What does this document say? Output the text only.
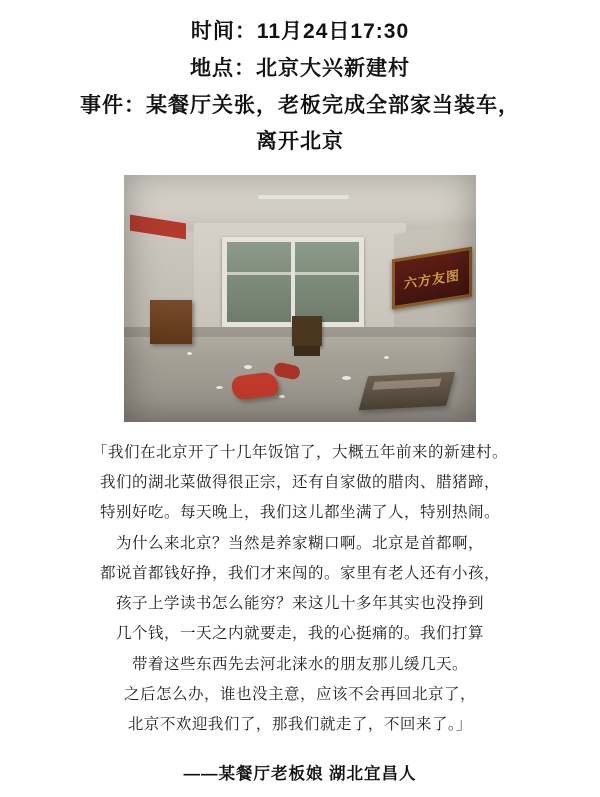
时间：11月24日17:30
地点：北京大兴新建村
事件：某餐厅关张，老板完成全部家当装车，
离开北京
六方友图

「我们在北京开了十几年饭馆了，大概五年前来的新建村。

我们的湖北菜做得很正宗，还有自家做的腊肉、腊猪蹄，

特别好吃。每天晚上，我们这儿都坐满了人，特别热闹。

为什么来北京？当然是养家糊口啊。北京是首都啊，

都说首都钱好挣，我们才来闯的。家里有老人还有小孩，

孩子上学读书怎么能穷？来这儿十多年其实也没挣到

几个钱，一天之内就要走，我的心挺痛的。我们打算

带着这些东西先去河北涞水的朋友那儿缓几天。

之后怎么办，谁也没主意，应该不会再回北京了，

北京不欢迎我们了，那我们就走了，不回来了。」

——某餐厅老板娘 湖北宜昌人
